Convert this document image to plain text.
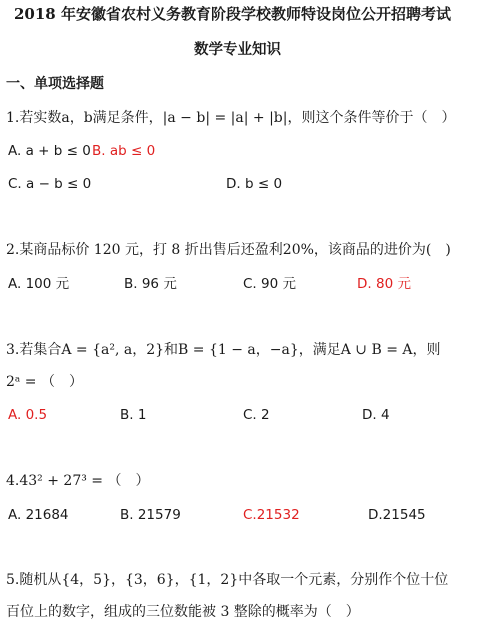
2018 年安徽省农村义务教育阶段学校教师特设岗位公开招聘考试
数学专业知识
一、单项选择题
1.若实数a，b满足条件，|a − b| = |a| + |b|，则这个条件等价于（　）
A. a + b ≤ 0 B. ab ≤ 0
C. a − b ≤ 0	D. b ≤ 0
2.某商品标价 120 元，打 8 折出售后还盈利20%，该商品的进价为(　)
A. 100 元	B. 96 元	C. 90 元	D. 80 元
3.若集合A = {a², a，2}和B = {1 − a，−a}，满足A ∪ B = A，则
2ᵃ = （　）
A. 0.5	B. 1	C. 2	D. 4
4.43² + 27³ = （　）
A. 21684	B. 21579	C.21532	D.21545
5.随机从{4，5}，{3，6}，{1，2}中各取一个元素，分别作个位十位
百位上的数字，组成的三位数能被 3 整除的概率为（　）
